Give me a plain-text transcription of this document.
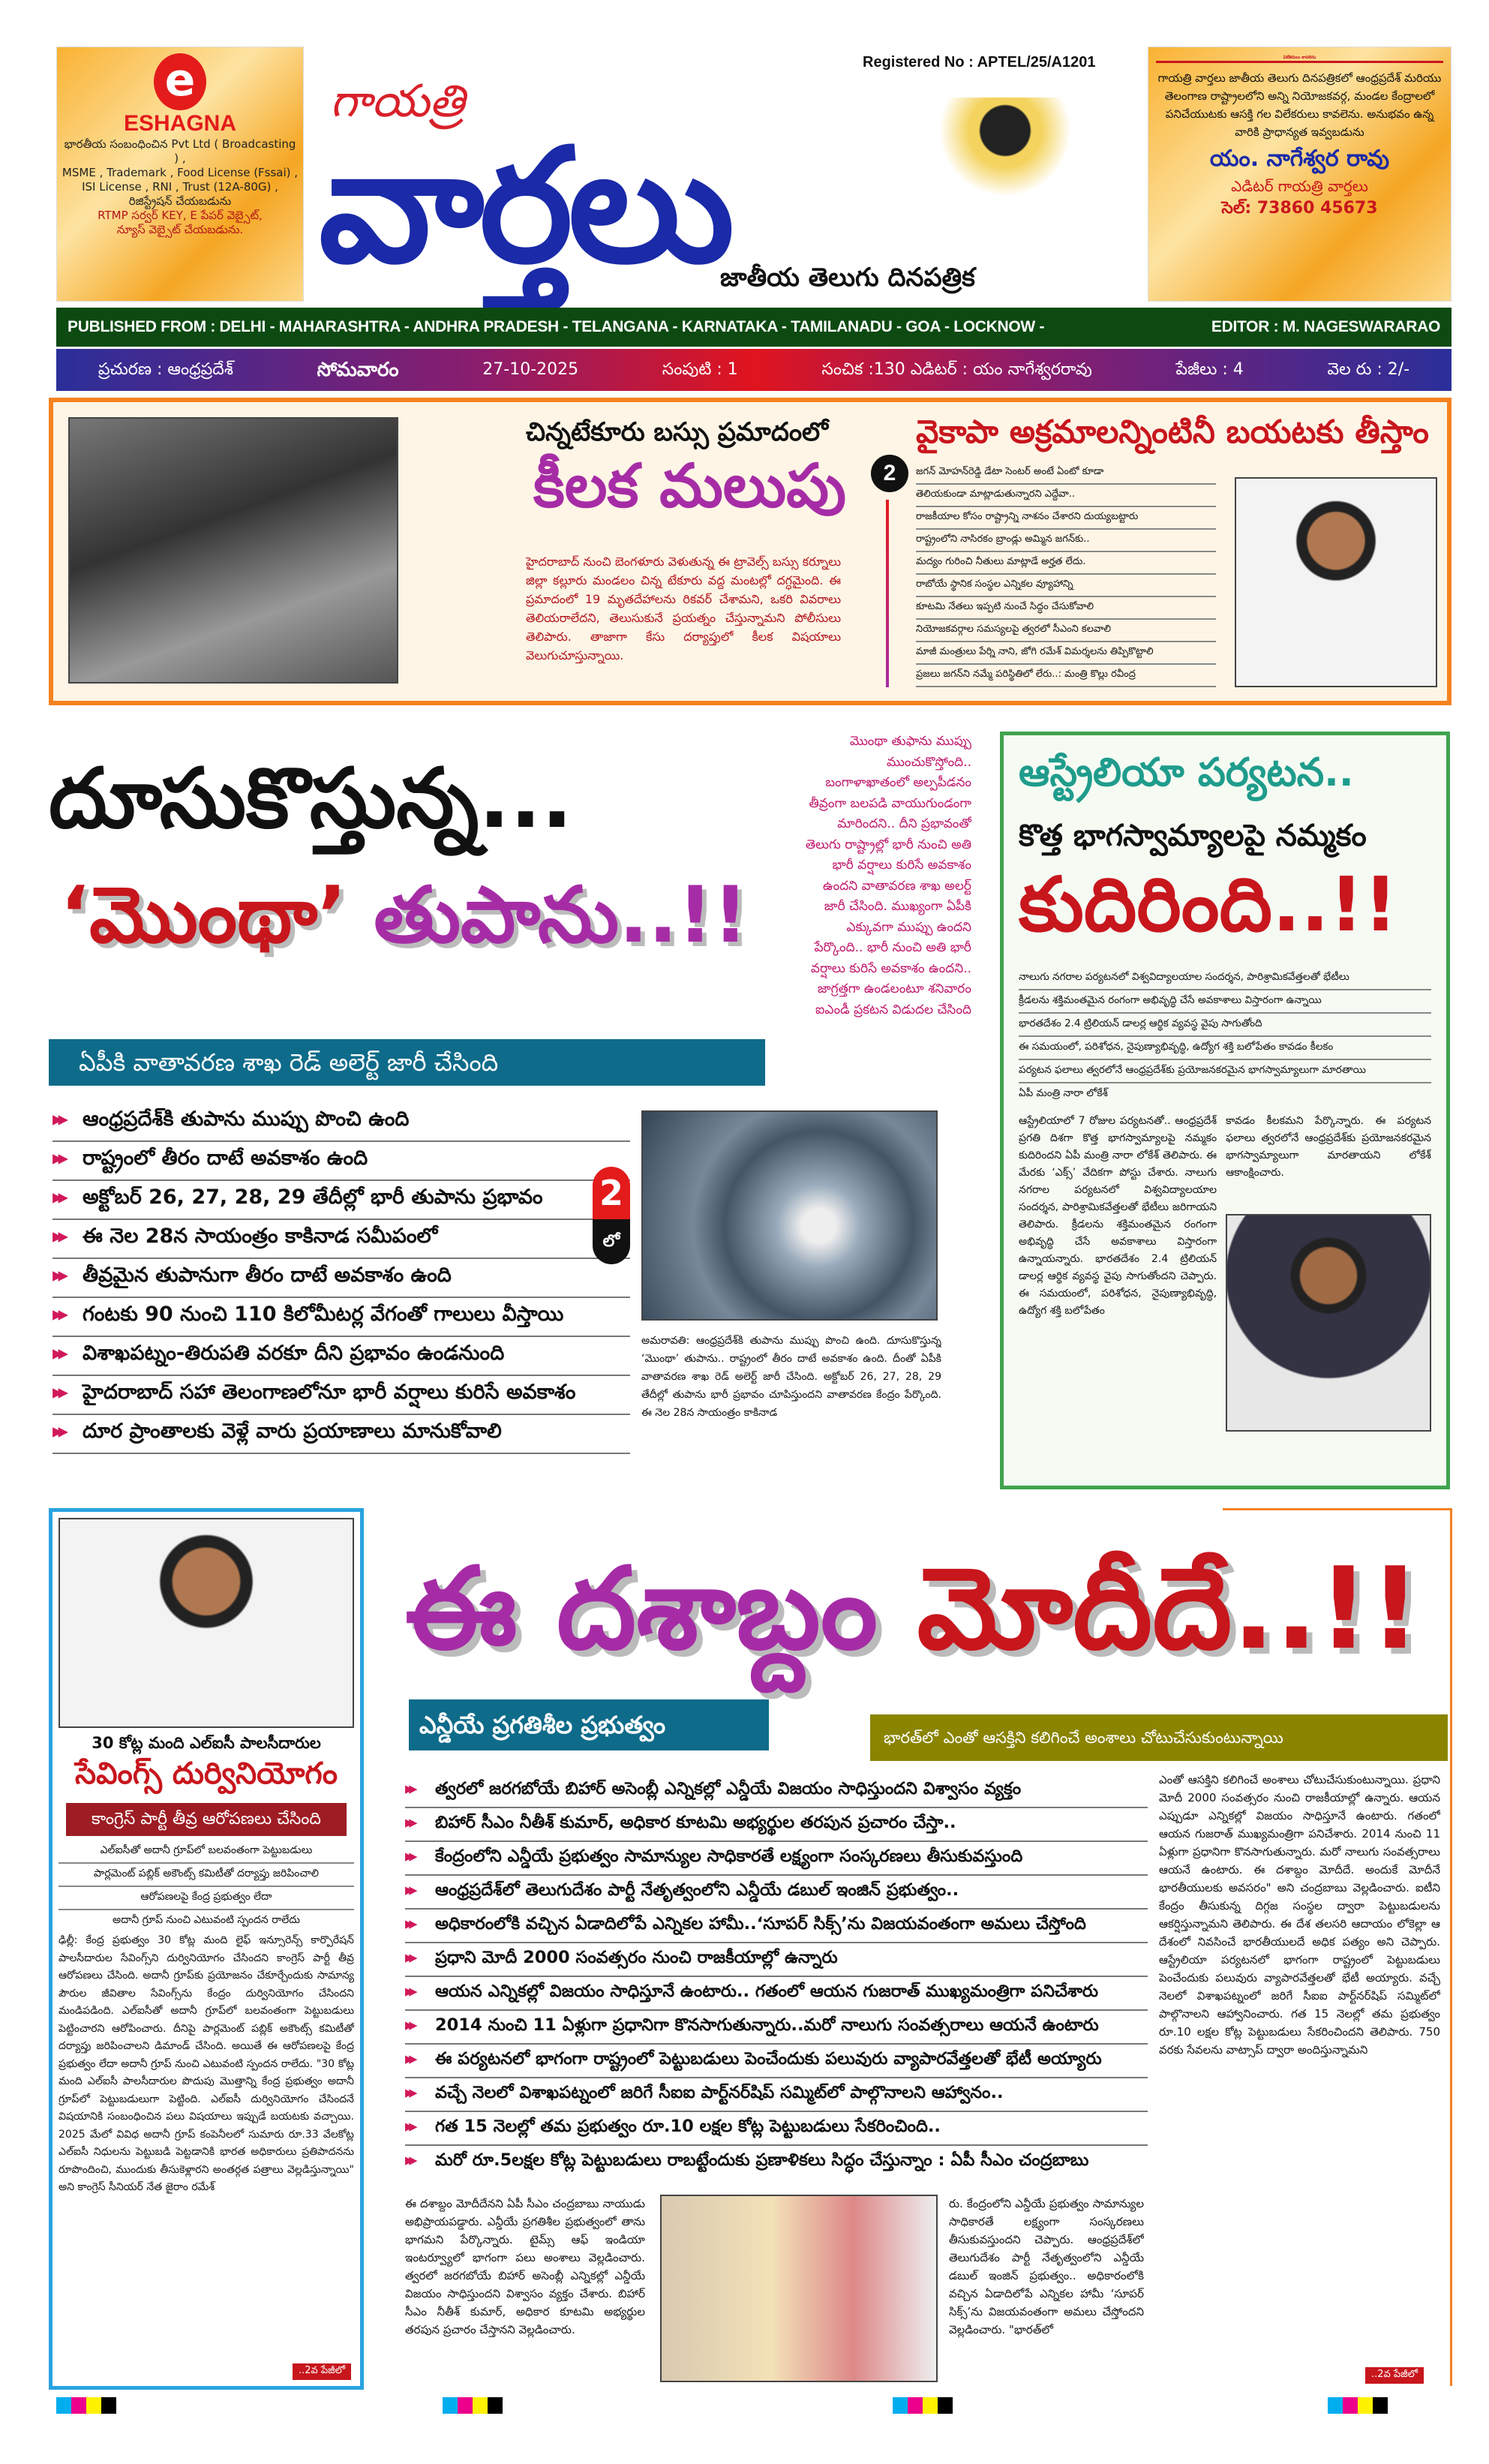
e
ESHAGNA
భారతీయ సంబంధించిన Pvt Ltd ( Broadcasting ) ,
MSME , Trademark , Food License (Fssai) ,
ISI License , RNI , Trust (12A-80G) ,
రిజిస్ట్రేషన్ చేయబడును
RTMP సర్వర్ KEY, E పేపర్ వెబ్సైట్,
న్యూస్ వెబ్సైట్ చేయబడును.
గాయత్రి
వార్తలు
Registered No : APTEL/25/A1201
జాతీయ తెలుగు దినపత్రిక
విలేకరులు కావలెను
గాయత్రి వార్తలు జాతీయ తెలుగు దినపత్రికలో ఆంధ్రప్రదేశ్ మరియు తెలంగాణ రాష్ట్రాలలోని అన్ని నియోజకవర్గ, మండల కేంద్రాలలో పనిచేయుటకు ఆసక్తి గల విలేకరులు కావలెను. అనుభవం ఉన్న వారికి ప్రాధాన్యత ఇవ్వబడును
యం. నాగేశ్వర రావు
ఎడిటర్ గాయత్రి వార్తలు
సెల్: 73860 45673
PUBLISHED FROM : DELHI - MAHARASHTRA - ANDHRA PRADESH - TELANGANA - KARNATAKA - TAMILANADU - GOA - LOCKNOW -	EDITOR : M. NAGESWARARAO
ప్రచురణ : ఆంధ్రప్రదేశ్	సోమవారం	27-10-2025	సంపుటి : 1	సంచిక :130 ఎడిటర్ : యం నాగేశ్వరరావు	పేజీలు : 4	వెల రు : 2/-
చిన్నటేకూరు బస్సు ప్రమాదంలో
కీలక మలుపు
హైదరాబాద్ నుంచి బెంగళూరు వెళుతున్న ఈ ట్రావెల్స్ బస్సు కర్నూలు జిల్లా కల్లూరు మండలం చిన్న టేకూరు వద్ద మంటల్లో దగ్ధమైంది. ఈ ప్రమాదంలో 19 మృతదేహాలను రికవర్ చేశామని, ఒకరి వివరాలు తెలియరాలేదని, తెలుసుకునే ప్రయత్నం చేస్తున్నామని పోలీసులు తెలిపారు. తాజాగా కేసు దర్యాప్తులో కీలక విషయాలు వెలుగుచూస్తున్నాయి.
2
వైకాపా అక్రమాలన్నింటినీ బయటకు తీస్తాం
జగన్ మోహన్‌రెడ్డి డేటా సెంటర్ అంటే ఏంటో కూడా
తెలియకుండా మాట్లాడుతున్నారని ఎద్దేవా..
రాజకీయాల కోసం రాష్ట్రాన్ని నాశనం చేశారని దుయ్యబట్టారు
రాష్ట్రంలోని నాసిరకం బ్రాండ్లు అమ్మిన జగన్‌కు..
మద్యం గురించి నీతులు మాట్లాడే అర్హత లేదు.
రాబోయే స్థానిక సంస్థల ఎన్నికల వ్యూహాన్ని
కూటమి నేతలు ఇప్పటి నుంచే సిద్ధం చేసుకోవాలి
నియోజకవర్గాల సమస్యలపై త్వరలో సీఎంని కలవాలి
మాజీ మంత్రులు పేర్ని నాని, జోగి రమేశ్ విమర్శలను తిప్పికొట్టాలి
ప్రజలు జగన్‌ని నమ్మే పరిస్థితిలో లేరు..: మంత్రి కొల్లు రవీంద్ర
దూసుకొస్తున్న...
‘మొంథా’ తుపాను..!!
ఏపీకి వాతావరణ శాఖ రెడ్ అలెర్ట్ జారీ చేసింది
మొంథా తుఫాను ముప్పు ముంచుకొస్తోంది.. బంగాళాఖాతంలో అల్పపీడనం తీవ్రంగా బలపడి వాయుగుండంగా మారిందని.. దీని ప్రభావంతో తెలుగు రాష్ట్రాల్లో భారీ నుంచి అతి భారీ వర్షాలు కురిసే అవకాశం ఉందని వాతావరణ శాఖ అలర్ట్ జారీ చేసింది. ముఖ్యంగా ఏపీకి ఎక్కువగా ముప్పు ఉందని పేర్కొంది.. భారీ నుంచి అతి భారీ వర్షాలు కురిసే అవకాశం ఉందని.. జాగ్రత్తగా ఉండలంటూ శనివారం ఐఎండీ ప్రకటన విడుదల చేసింది
▸▸ ఆంధ్రప్రదేశ్‌కి తుపాను ముప్పు పొంచి ఉంది
▸▸ రాష్ట్రంలో తీరం దాటే అవకాశం ఉంది
▸▸ అక్టోబర్ 26, 27, 28, 29 తేదీల్లో భారీ తుపాను ప్రభావం
▸▸ ఈ నెల 28న సాయంత్రం కాకినాడ సమీపంలో
▸▸ తీవ్రమైన తుపానుగా తీరం దాటే అవకాశం ఉంది
▸▸ గంటకు 90 నుంచి 110 కిలోమీటర్ల వేగంతో గాలులు వీస్తాయి
▸▸ విశాఖపట్నం-తిరుపతి వరకూ దీని ప్రభావం ఉండనుంది
▸▸ హైదరాబాద్ సహా తెలంగాణలోనూ భారీ వర్షాలు కురిసే అవకాశం
▸▸ దూర ప్రాంతాలకు వెళ్లే వారు ప్రయాణాలు మానుకోవాలి
2
లో
అమరావతి: ఆంధ్రప్రదేశ్‌కి తుపాను ముప్పు పొంచి ఉంది. దూసుకొస్తున్న ‘మొంథా’ తుపాను.. రాష్ట్రంలో తీరం దాటే అవకాశం ఉంది. దీంతో ఏపీకి వాతావరణ శాఖ రెడ్ అలెర్ట్ జారీ చేసింది. అక్టోబర్ 26, 27, 28, 29 తేదీల్లో తుపాను భారీ ప్రభావం చూపిస్తుందని వాతావరణ కేంద్రం పేర్కొంది. ఈ నెల 28న సాయంత్రం కాకినాడ
ఆస్ట్రేలియా పర్యటన..
కొత్త భాగస్వామ్యాలపై నమ్మకం
కుదిరింది..!!
నాలుగు నగరాల పర్యటనలో విశ్వవిద్యాలయాల సందర్శన, పారిశ్రామికవేత్తలతో భేటీలు
క్రీడలను శక్తిమంతమైన రంగంగా అభివృద్ధి చేసే అవకాశాలు విస్తారంగా ఉన్నాయి
భారతదేశం 2.4 ట్రిలియన్ డాలర్ల ఆర్థిక వ్యవస్థ వైపు సాగుతోంది
ఈ సమయంలో, పరిశోధన, నైపుణ్యాభివృద్ధి, ఉద్యోగ శక్తి బలోపేతం కావడం కీలకం
పర్యటన ఫలాలు త్వరలోనే ఆంధ్రప్రదేశ్‌కు ప్రయోజనకరమైన భాగస్వామ్యాలుగా మారతాయి
ఏపీ మంత్రి నారా లోకేశ్
ఆస్ట్రేలియాలో 7 రోజుల పర్యటనతో.. ఆంధ్రప్రదేశ్ ప్రగతి దిశగా కొత్త భాగస్వామ్యాలపై నమ్మకం కుదిరిందని ఏపీ మంత్రి నారా లోకేశ్ తెలిపారు. ఈ మేరకు ‘ఎక్స్’ వేదికగా పోస్టు చేశారు. నాలుగు నగరాల పర్యటనలో విశ్వవిద్యాలయాల సందర్శన, పారిశ్రామికవేత్తలతో భేటీలు జరిగాయని తెలిపారు. క్రీడలను శక్తిమంతమైన రంగంగా అభివృద్ధి చేసే అవకాశాలు విస్తారంగా ఉన్నాయన్నారు. భారతదేశం 2.4 ట్రిలియన్ డాలర్ల ఆర్థిక వ్యవస్థ వైపు సాగుతోందని చెప్పారు. ఈ సమయంలో, పరిశోధన, నైపుణ్యాభివృద్ధి, ఉద్యోగ శక్తి బలోపేతం
కావడం కీలకమని పేర్కొన్నారు. ఈ పర్యటన ఫలాలు త్వరలోనే ఆంధ్రప్రదేశ్‌కు ప్రయోజనకరమైన భాగస్వామ్యాలుగా మారతాయని లోకేశ్ ఆకాంక్షించారు.
30 కోట్ల మంది ఎల్ఐసీ పాలసీదారుల
సేవింగ్స్ దుర్వినియోగం
కాంగ్రెస్ పార్టీ తీవ్ర ఆరోపణలు చేసింది
ఎల్ఐసీతో అదానీ గ్రూప్‌లో బలవంతంగా పెట్టుబడులు
పార్లమెంట్ పబ్లిక్ అకౌంట్స్ కమిటీతో దర్యాప్తు జరిపించాలి
ఆరోపణలపై కేంద్ర ప్రభుత్వం లేదా
అదానీ గ్రూప్ నుంచి ఎటువంటి స్పందన రాలేదు
ఢిల్లీ: కేంద్ర ప్రభుత్వం 30 కోట్ల మంది లైఫ్ ఇన్సూరెన్స్ కార్పొరేషన్ పాలసీదారుల సేవింగ్స్‌ని దుర్వినియోగం చేసిందని కాంగ్రెస్ పార్టీ తీవ్ర ఆరోపణలు చేసింది. అదానీ గ్రూప్‌కు ప్రయోజనం చేకూర్చేందుకు సామాన్య పౌరుల జీవితాల సేవింగ్స్‌ను కేంద్రం దుర్వినియోగం చేసిందని మండిపడింది. ఎల్ఐసీతో అదానీ గ్రూప్‌లో బలవంతంగా పెట్టుబడులు పెట్టించారని ఆరోపించారు. దీనిపై పార్లమెంట్ పబ్లిక్ అకౌంట్స్ కమిటీతో దర్యాప్తు జరిపించాలని డిమాండ్ చేసింది. అయితే ఈ ఆరోపణలపై కేంద్ర ప్రభుత్వం లేదా అదానీ గ్రూప్ నుంచి ఎటువంటి స్పందన రాలేదు. "30 కోట్ల మంది ఎల్ఐసీ పాలసీదారుల పొదుపు మొత్తాన్ని కేంద్ర ప్రభుత్వం అదానీ గ్రూప్‌లో పెట్టుబడులుగా పెట్టింది. ఎల్ఐసీ దుర్వినియోగం చేసిందనే విషయానికి సంబంధించిన పలు విషయాలు ఇప్పుడే బయటకు వచ్చాయి. 2025 మేలో వివిధ అదానీ గ్రూప్ కంపెనీలలో సుమారు రూ.33 వేలకోట్ల ఎల్ఐసీ నిధులను పెట్టుబడి పెట్టడానికి భారత అధికారులు ప్రతిపాదనను రూపొందించి, ముందుకు తీసుకెళ్లారని అంతర్గత పత్రాలు వెల్లడిస్తున్నాయి" అని కాంగ్రెస్ సీనియర్ నేత జైరాం రమేశ్
..2వ పేజీలో
ఈ దశాబ్దం మోదీదే..!!
ఎన్డీయే ప్రగతిశీల ప్రభుత్వం	భారత్‌లో ఎంతో ఆసక్తిని కలిగించే అంశాలు చోటుచేసుకుంటున్నాయి
▸▸ త్వరలో జరగబోయే బిహార్ అసెంబ్లీ ఎన్నికల్లో ఎన్డీయే విజయం సాధిస్తుందని విశ్వాసం వ్యక్తం
▸▸ బిహార్ సీఎం నీతీశ్ కుమార్, అధికార కూటమి అభ్యర్థుల తరపున ప్రచారం చేస్తా..
▸▸ కేంద్రంలోని ఎన్డీయే ప్రభుత్వం సామాన్యుల సాధికారతే లక్ష్యంగా సంస్కరణలు తీసుకువస్తుంది
▸▸ ఆంధ్రప్రదేశ్‌లో తెలుగుదేశం పార్టీ నేతృత్వంలోని ఎన్డీయే డబుల్ ఇంజిన్ ప్రభుత్వం..
▸▸ అధికారంలోకి వచ్చిన ఏడాదిలోపే ఎన్నికల హామీ..‘సూపర్ సిక్స్’ను విజయవంతంగా అమలు చేస్తోంది
▸▸ ప్రధాని మోదీ 2000 సంవత్సరం నుంచి రాజకీయాల్లో ఉన్నారు
▸▸ ఆయన ఎన్నికల్లో విజయం సాధిస్తూనే ఉంటారు.. గతంలో ఆయన గుజరాత్ ముఖ్యమంత్రిగా పనిచేశారు
▸▸ 2014 నుంచి 11 ఏళ్లుగా ప్రధానిగా కొనసాగుతున్నారు..మరో నాలుగు సంవత్సరాలు ఆయనే ఉంటారు
▸▸ ఈ పర్యటనలో భాగంగా రాష్ట్రంలో పెట్టుబడులు పెంచేందుకు పలువురు వ్యాపారవేత్తలతో భేటీ అయ్యారు
▸▸ వచ్చే నెలలో విశాఖపట్నంలో జరిగే సీఐఐ పార్ట్‌నర్‌షిప్ సమ్మిట్‌లో పాల్గొనాలని ఆహ్వానం..
▸▸ గత 15 నెలల్లో తమ ప్రభుత్వం రూ.10 లక్షల కోట్ల పెట్టుబడులు సేకరించింది..
▸▸ మరో రూ.5లక్షల కోట్ల పెట్టుబడులు రాబట్టేందుకు ప్రణాళికలు సిద్ధం చేస్తున్నాం : ఏపీ సీఎం చంద్రబాబు
ఈ దశాబ్దం మోదీదేనని ఏపీ సీఎం చంద్రబాబు నాయుడు అభిప్రాయపడ్డారు. ఎన్డీయే ప్రగతిశీల ప్రభుత్వంలో తాను భాగమని పేర్కొన్నారు. టైమ్స్‌ ఆఫ్ ఇండియా ఇంటర్వ్యూలో భాగంగా పలు అంశాలు వెల్లడించారు. త్వరలో జరగబోయే బిహార్ అసెంబ్లీ ఎన్నికల్లో ఎన్డీయే విజయం సాధిస్తుందని విశ్వాసం వ్యక్తం చేశారు. బిహార్ సీఎం నీతీశ్ కుమార్, అధికార కూటమి అభ్యర్థుల తరపున ప్రచారం చేస్తానని వెల్లడించారు.
రు. కేంద్రంలోని ఎన్డీయే ప్రభుత్వం సామాన్యుల సాధికారతే లక్ష్యంగా సంస్కరణలు తీసుకువస్తుందని చెప్పారు. ఆంధ్రప్రదేశ్‌లో తెలుగుదేశం పార్టీ నేతృత్వంలోని ఎన్డీయే డబుల్ ఇంజిన్ ప్రభుత్వం.. అధికారంలోకి వచ్చిన ఏడాదిలోపే ఎన్నికల హామీ ‘సూపర్ సిక్స్’ను విజయవంతంగా అమలు చేస్తోందని వెల్లడించారు. "భారత్‌లో
ఎంతో ఆసక్తిని కలిగించే అంశాలు చోటుచేసుకుంటున్నాయి. ప్రధాని మోదీ 2000 సంవత్సరం నుంచి రాజకీయాల్లో ఉన్నారు. ఆయన ఎప్పుడూ ఎన్నికల్లో విజయం సాధిస్తూనే ఉంటారు. గతంలో ఆయన గుజరాత్ ముఖ్యమంత్రిగా పనిచేశారు. 2014 నుంచి 11 ఏళ్లుగా ప్రధానిగా కొనసాగుతున్నారు. మరో నాలుగు సంవత్సరాలు ఆయనే ఉంటారు. ఈ దశాబ్దం మోదీదే. అందుకే మోదీనే భారతీయులకు అవసరం" అని చంద్రబాబు వెల్లడించారు. ఐటీని కేంద్రం తీసుకున్న దిగ్గజ సంస్థల ద్వారా పెట్టుబడులను ఆకర్షిస్తున్నామని తెలిపారు. ఈ దేశ తలసరి ఆదాయం లోకెల్లా ఆ దేశంలో నివసించే భారతీయులదే అధిక పత్యం అని చెప్పారు. ఆస్ట్రేలియా పర్యటనలో భాగంగా రాష్ట్రంలో పెట్టుబడులు పెంచేందుకు పలువురు వ్యాపారవేత్తలతో భేటీ అయ్యారు. వచ్చే నెలలో విశాఖపట్నంలో జరిగే సీఐఐ పార్ట్‌నర్‌షిప్ సమ్మిట్‌లో పాల్గొనాలని ఆహ్వానించారు. గత 15 నెలల్లో తమ ప్రభుత్వం రూ.10 లక్షల కోట్ల పెట్టుబడులు సేకరించిందని తెలిపారు. 750 వరకు సేవలను వాట్సాప్ ద్వారా అందిస్తున్నామని
..2వ పేజీలో
